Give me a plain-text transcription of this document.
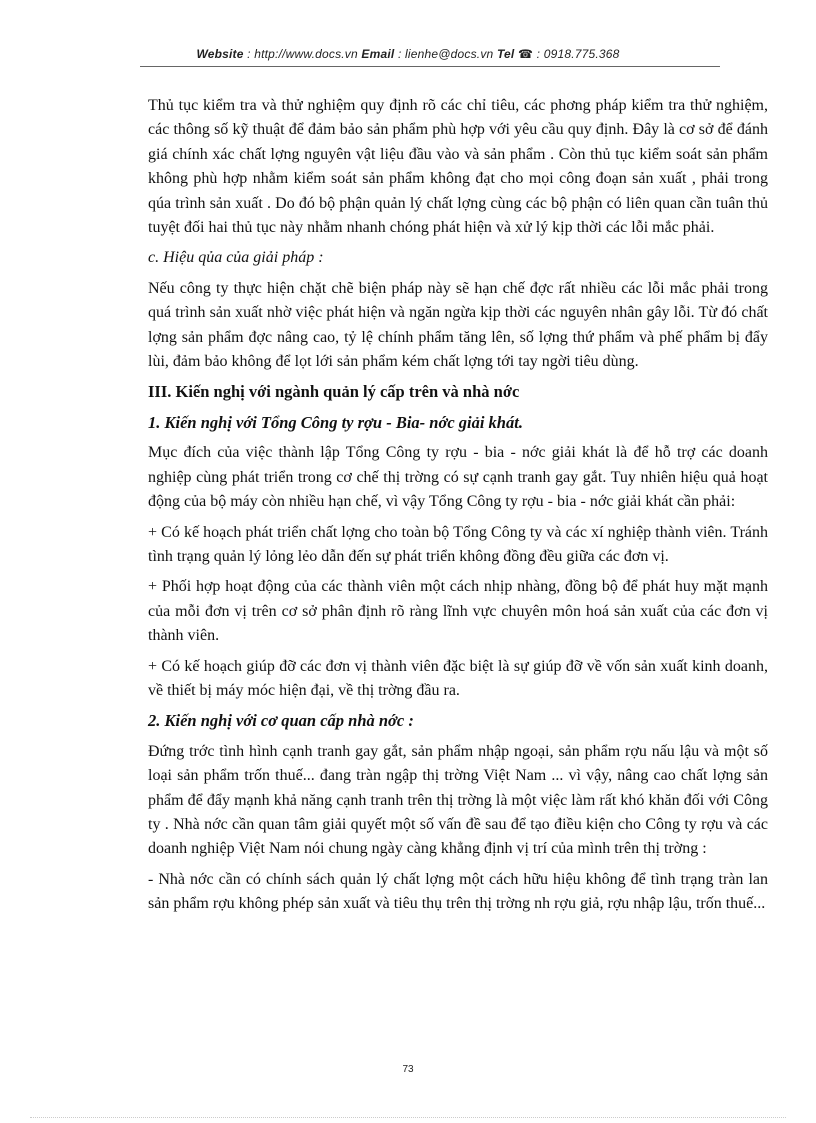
Website : http://www.docs.vn Email : lienhe@docs.vn Tel ☎ : 0918.775.368

Thủ tục kiểm tra và thử nghiệm quy định rõ các chỉ tiêu, các phơng pháp kiểm tra thử nghiệm, các thông số kỹ thuật để đảm bảo sản phẩm phù hợp với yêu cầu quy định. Đây là cơ sở để đánh giá chính xác chất lợng nguyên vật liệu đầu vào và sản phẩm . Còn thủ tục kiểm soát sản phẩm không phù hợp nhằm kiểm soát sản phẩm không đạt cho mọi công đoạn sản xuất , phải trong qúa trình sản xuất . Do đó bộ phận quản lý chất lợng cùng các bộ phận có liên quan cần tuân thủ tuyệt đối hai thủ tục này nhằm nhanh chóng phát hiện và xử lý kịp thời các lỗi mắc phải.

c. Hiệu qủa của giải pháp :

Nếu công ty thực hiện chặt chẽ biện pháp này sẽ hạn chế đợc rất nhiều các lỗi mắc phải trong quá trình sản xuất nhờ việc phát hiện và ngăn ngừa kịp thời các nguyên nhân gây lỗi. Từ đó chất lợng sản phẩm đợc nâng cao, tỷ lệ chính phẩm tăng lên, số lợng thứ phẩm và phế phẩm bị đẩy lùi, đảm bảo không để lọt lới sản phẩm kém chất lợng tới tay ngời tiêu dùng.

III. Kiến nghị với ngành quản lý cấp trên và nhà nớc

1. Kiến nghị với Tổng Công ty rợu - Bia- nớc giải khát.

Mục đích của việc thành lập Tổng Công ty rợu - bia - nớc giải khát là để hỗ trợ các doanh nghiệp cùng phát triển trong cơ chế thị trờng có sự cạnh tranh gay gắt. Tuy nhiên hiệu quả hoạt động của bộ máy còn nhiều hạn chế, vì vậy Tổng Công ty rợu - bia - nớc giải khát cần phải:

+ Có kế hoạch phát triển chất lợng cho toàn bộ Tổng Công ty và các xí nghiệp thành viên. Tránh tình trạng quản lý lỏng lẻo dẫn đến sự phát triển không đồng đều giữa các đơn vị.

+ Phối hợp hoạt động của các thành viên một cách nhịp nhàng, đồng bộ để phát huy mặt mạnh của mỗi đơn vị trên cơ sở phân định rõ ràng lĩnh vực chuyên môn hoá sản xuất của các đơn vị thành viên.

+ Có kế hoạch giúp đỡ các đơn vị thành viên đặc biệt là sự giúp đỡ về vốn sản xuất kinh doanh, về thiết bị máy móc hiện đại, về thị trờng đầu ra.

2. Kiến nghị với cơ quan cấp nhà nớc :

Đứng trớc tình hình cạnh tranh gay gắt, sản phẩm nhập ngoại, sản phẩm rợu nấu lậu và một số loại sản phẩm trốn thuế... đang tràn ngập thị trờng Việt Nam ... vì vậy, nâng cao chất lợng sản phẩm để đẩy mạnh khả năng cạnh tranh trên thị trờng là một việc làm rất khó khăn đối với Công ty . Nhà nớc cần quan tâm giải quyết một số vấn đề sau để tạo điều kiện cho Công ty rợu và các doanh nghiệp Việt Nam nói chung ngày càng khẳng định vị trí của mình trên thị trờng :

- Nhà nớc cần có chính sách quản lý chất lợng một cách hữu hiệu không để tình trạng tràn lan sản phẩm rợu không phép sản xuất và tiêu thụ trên thị trờng nh rợu giả, rợu nhập lậu, trốn thuế...

73
